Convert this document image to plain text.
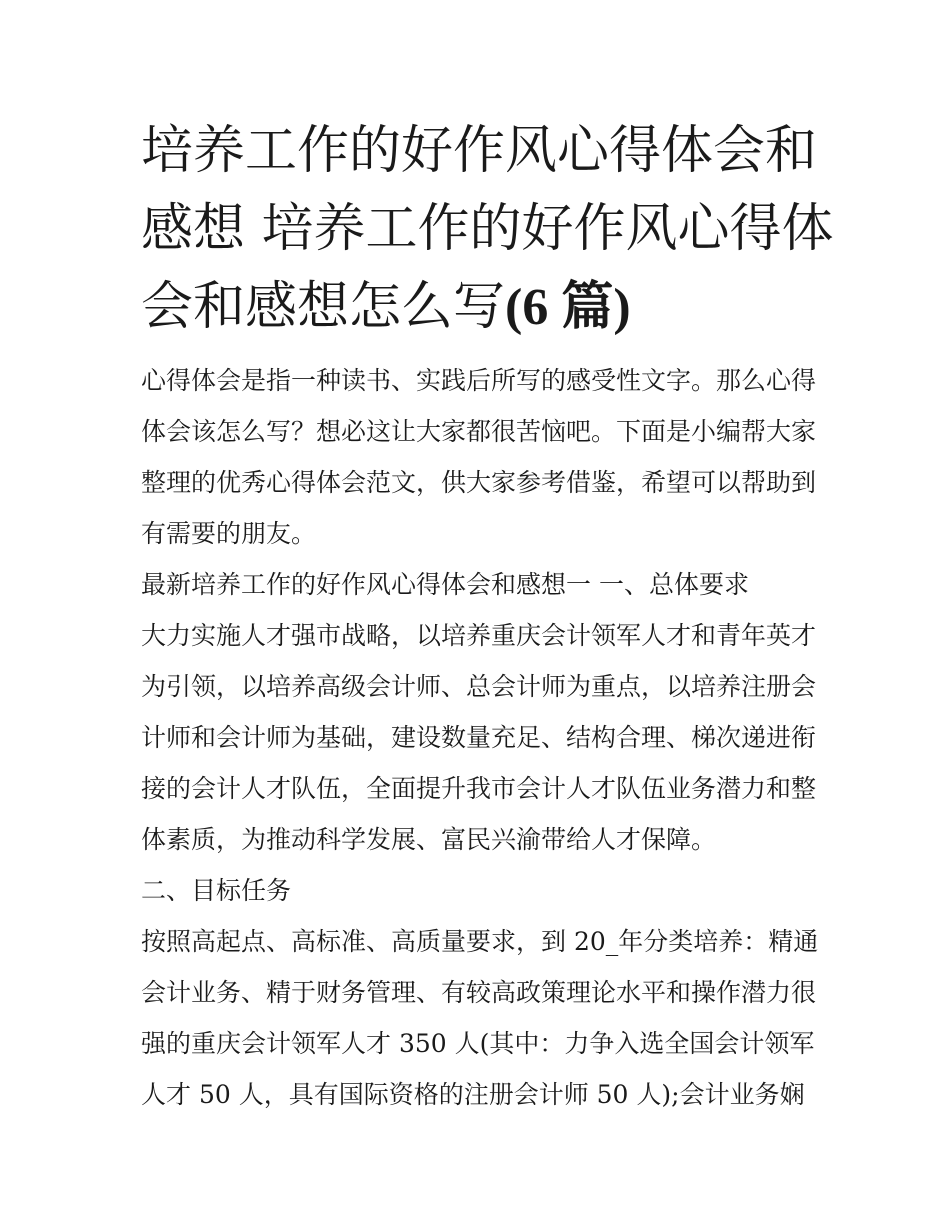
培养工作的好作风心得体会和
感想 培养工作的好作风心得体
会和感想怎么写(6 篇)

心得体会是指一种读书、实践后所写的感受性文字。那么心得
体会该怎么写？想必这让大家都很苦恼吧。下面是小编帮大家
整理的优秀心得体会范文，供大家参考借鉴，希望可以帮助到
有需要的朋友。

最新培养工作的好作风心得体会和感想一 一、总体要求

大力实施人才强市战略，以培养重庆会计领军人才和青年英才
为引领，以培养高级会计师、总会计师为重点，以培养注册会
计师和会计师为基础，建设数量充足、结构合理、梯次递进衔
接的会计人才队伍，全面提升我市会计人才队伍业务潜力和整
体素质，为推动科学发展、富民兴渝带给人才保障。

二、目标任务

按照高起点、高标准、高质量要求，到 20_年分类培养：精通
会计业务、精于财务管理、有较高政策理论水平和操作潜力很
强的重庆会计领军人才 350 人(其中：力争入选全国会计领军
人才 50 人，具有国际资格的注册会计师 50 人);会计业务娴
